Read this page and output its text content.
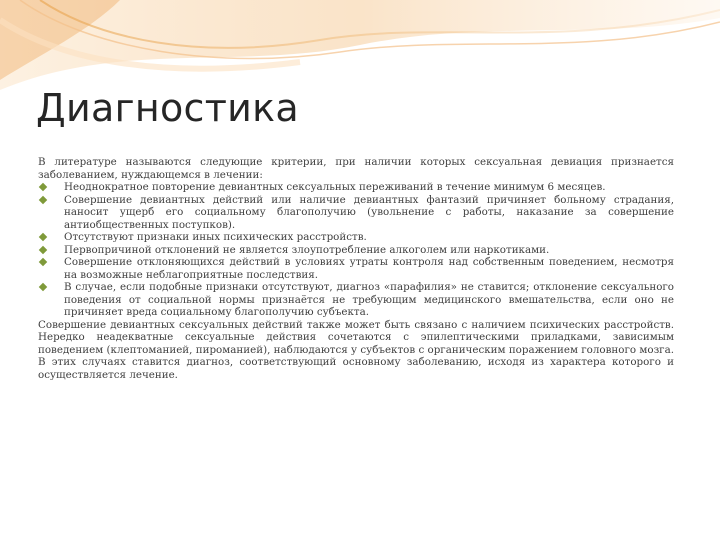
Диагностика

В литературе называются следующие критерии, при наличии которых сексуальная девиация признается заболеванием, нуждающемся в лечении:

Неоднократное повторение девиантных сексуальных переживаний в течение минимум 6 месяцев.
Совершение девиантных действий или наличие девиантных фантазий причиняет больному страдания, наносит ущерб его социальному благополучию (увольнение с работы, наказание за совершение антиобщественных поступков).
Отсутствуют признаки иных психических расстройств.
Первопричиной отклонений не является злоупотребление алкоголем или наркотиками.
Совершение отклоняющихся действий в условиях утраты контроля над собственным поведением, несмотря на возможные неблагоприятные последствия.
В случае, если подобные признаки отсутствуют, диагноз «парафилия» не ставится; отклонение сексуального поведения от социальной нормы признаётся не требующим медицинского вмешательства, если оно не причиняет вреда социальному благополучию субъекта.

Совершение девиантных сексуальных действий также может быть связано с наличием психических расстройств. Нередко неадекватные сексуальные действия сочетаются с эпилептическими приладками, зависимым поведением (клептоманией, пироманией), наблюдаются у субъектов с органическим поражением головного мозга. В этих случаях ставится диагноз, соответствующий основному заболеванию, исходя из характера которого и осуществляется лечение.
